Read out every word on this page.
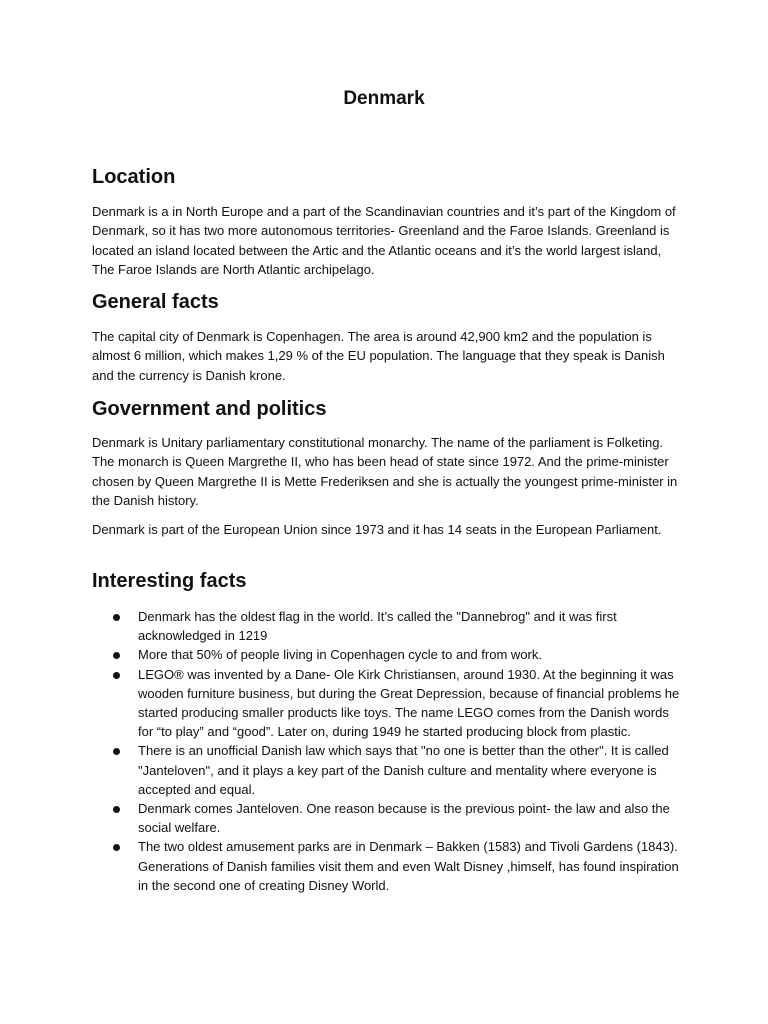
Denmark
Location

Denmark is a in North Europe and a part of the Scandinavian countries and it’s part of the Kingdom of Denmark, so it has two more autonomous territories- Greenland and the Faroe Islands. Greenland is located an island located between the Artic and the Atlantic oceans and it’s the world largest island, The Faroe Islands are North Atlantic archipelago.

General facts

The capital city of Denmark is Copenhagen. The area is around 42,900 km2 and the population is almost 6 million, which makes 1,29 % of the EU population. The language that they speak is Danish and the currency is Danish krone.

Government and politics

Denmark is Unitary parliamentary constitutional monarchy. The name of the parliament is Folketing. The monarch is Queen Margrethe II, who has been head of state since 1972. And the prime-minister chosen by Queen Margrethe II is Mette Frederiksen and she is actually the youngest prime-minister in the Danish history.

Denmark is part of the European Union since 1973 and it has 14 seats in the European Parliament.

Interesting facts
Denmark has the oldest flag in the world. It’s called the "Dannebrog" and it was first acknowledged in 1219
More that 50% of people living in Copenhagen cycle to and from work.
LEGO® was invented by a Dane- Ole Kirk Christiansen, around 1930. At the beginning it was wooden furniture business, but during the Great Depression, because of financial problems he started producing smaller products like toys. The name LEGO comes from the Danish words for “to play” and “good”. Later on, during 1949 he started producing block from plastic.
There is an unofficial Danish law which says that "no one is better than the other". It is called "Janteloven", and it plays a key part of the Danish culture and mentality where everyone is accepted and equal.
Denmark comes Janteloven. One reason because is the previous point- the law and also the social welfare.
The two oldest amusement parks are in Denmark – Bakken (1583) and Tivoli Gardens (1843). Generations of Danish families visit them and even Walt Disney ,himself, has found inspiration in the second one of creating Disney World.
